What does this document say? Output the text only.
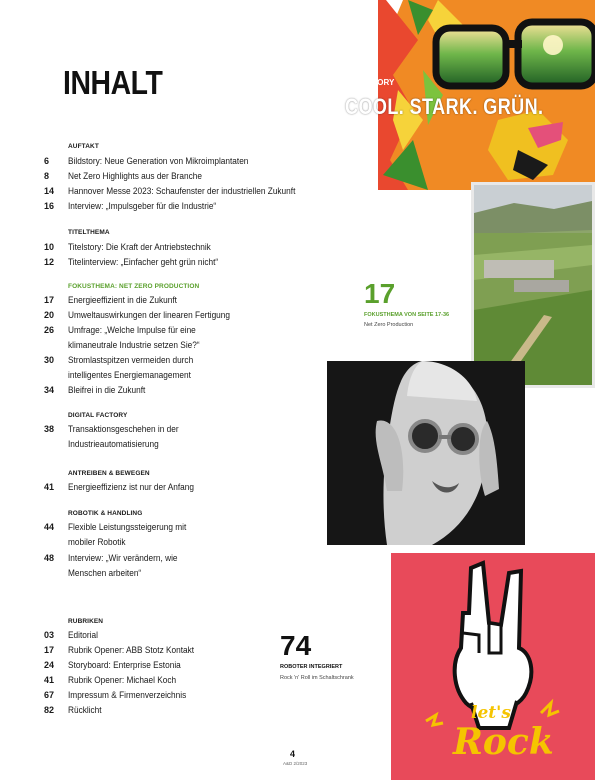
INHALT
AUFTAKT
6	Bildstory: Neue Generation von Mikroimplantaten
8	Net Zero Highlights aus der Branche
14	Hannover Messe 2023: Schaufenster der industriellen Zukunft
16	Interview: „Impulsgeber für die Industrie“
TITELTHEMA
10	Titelstory: Die Kraft der Antriebstechnik
12	Titelinterview: „Einfacher geht grün nicht“
FOKUSTHEMA: NET ZERO PRODUCTION
17	Energieeffizient in die Zukunft
20	Umweltauswirkungen der linearen Fertigung
26	Umfrage: „Welche Impulse für eine
klimaneutrale Industrie setzen Sie?“
30	Stromlastspitzen vermeiden durch
intelligentes Energiemanagement
34	Bleifrei in die Zukunft
DIGITAL FACTORY
38	Transaktionsgeschehen in der
Industrieautomatisierung
ANTREIBEN & BEWEGEN
41	Energieeffizienz ist nur der Anfang
ROBOTIK & HANDLING
44	Flexible Leistungssteigerung mit
mobiler Robotik
48	Interview: „Wir verändern, wie
Menschen arbeiten“
RUBRIKEN
03	Editorial
17	Rubrik Opener: ABB Stotz Kontakt
24	Storyboard: Enterprise Estonia
41	Rubrik Opener: Michael Koch
67	Impressum & Firmenverzeichnis
82	Rücklicht
TITELSTORY
COOL. STARK. GRÜN.
17
FOKUSTHEMA VON SEITE 17-36
Net Zero Production
let's
Rock
74
ROBOTER INTEGRIERT
Rock 'n' Roll im Schaltschrank
4
A&D 2/2023
